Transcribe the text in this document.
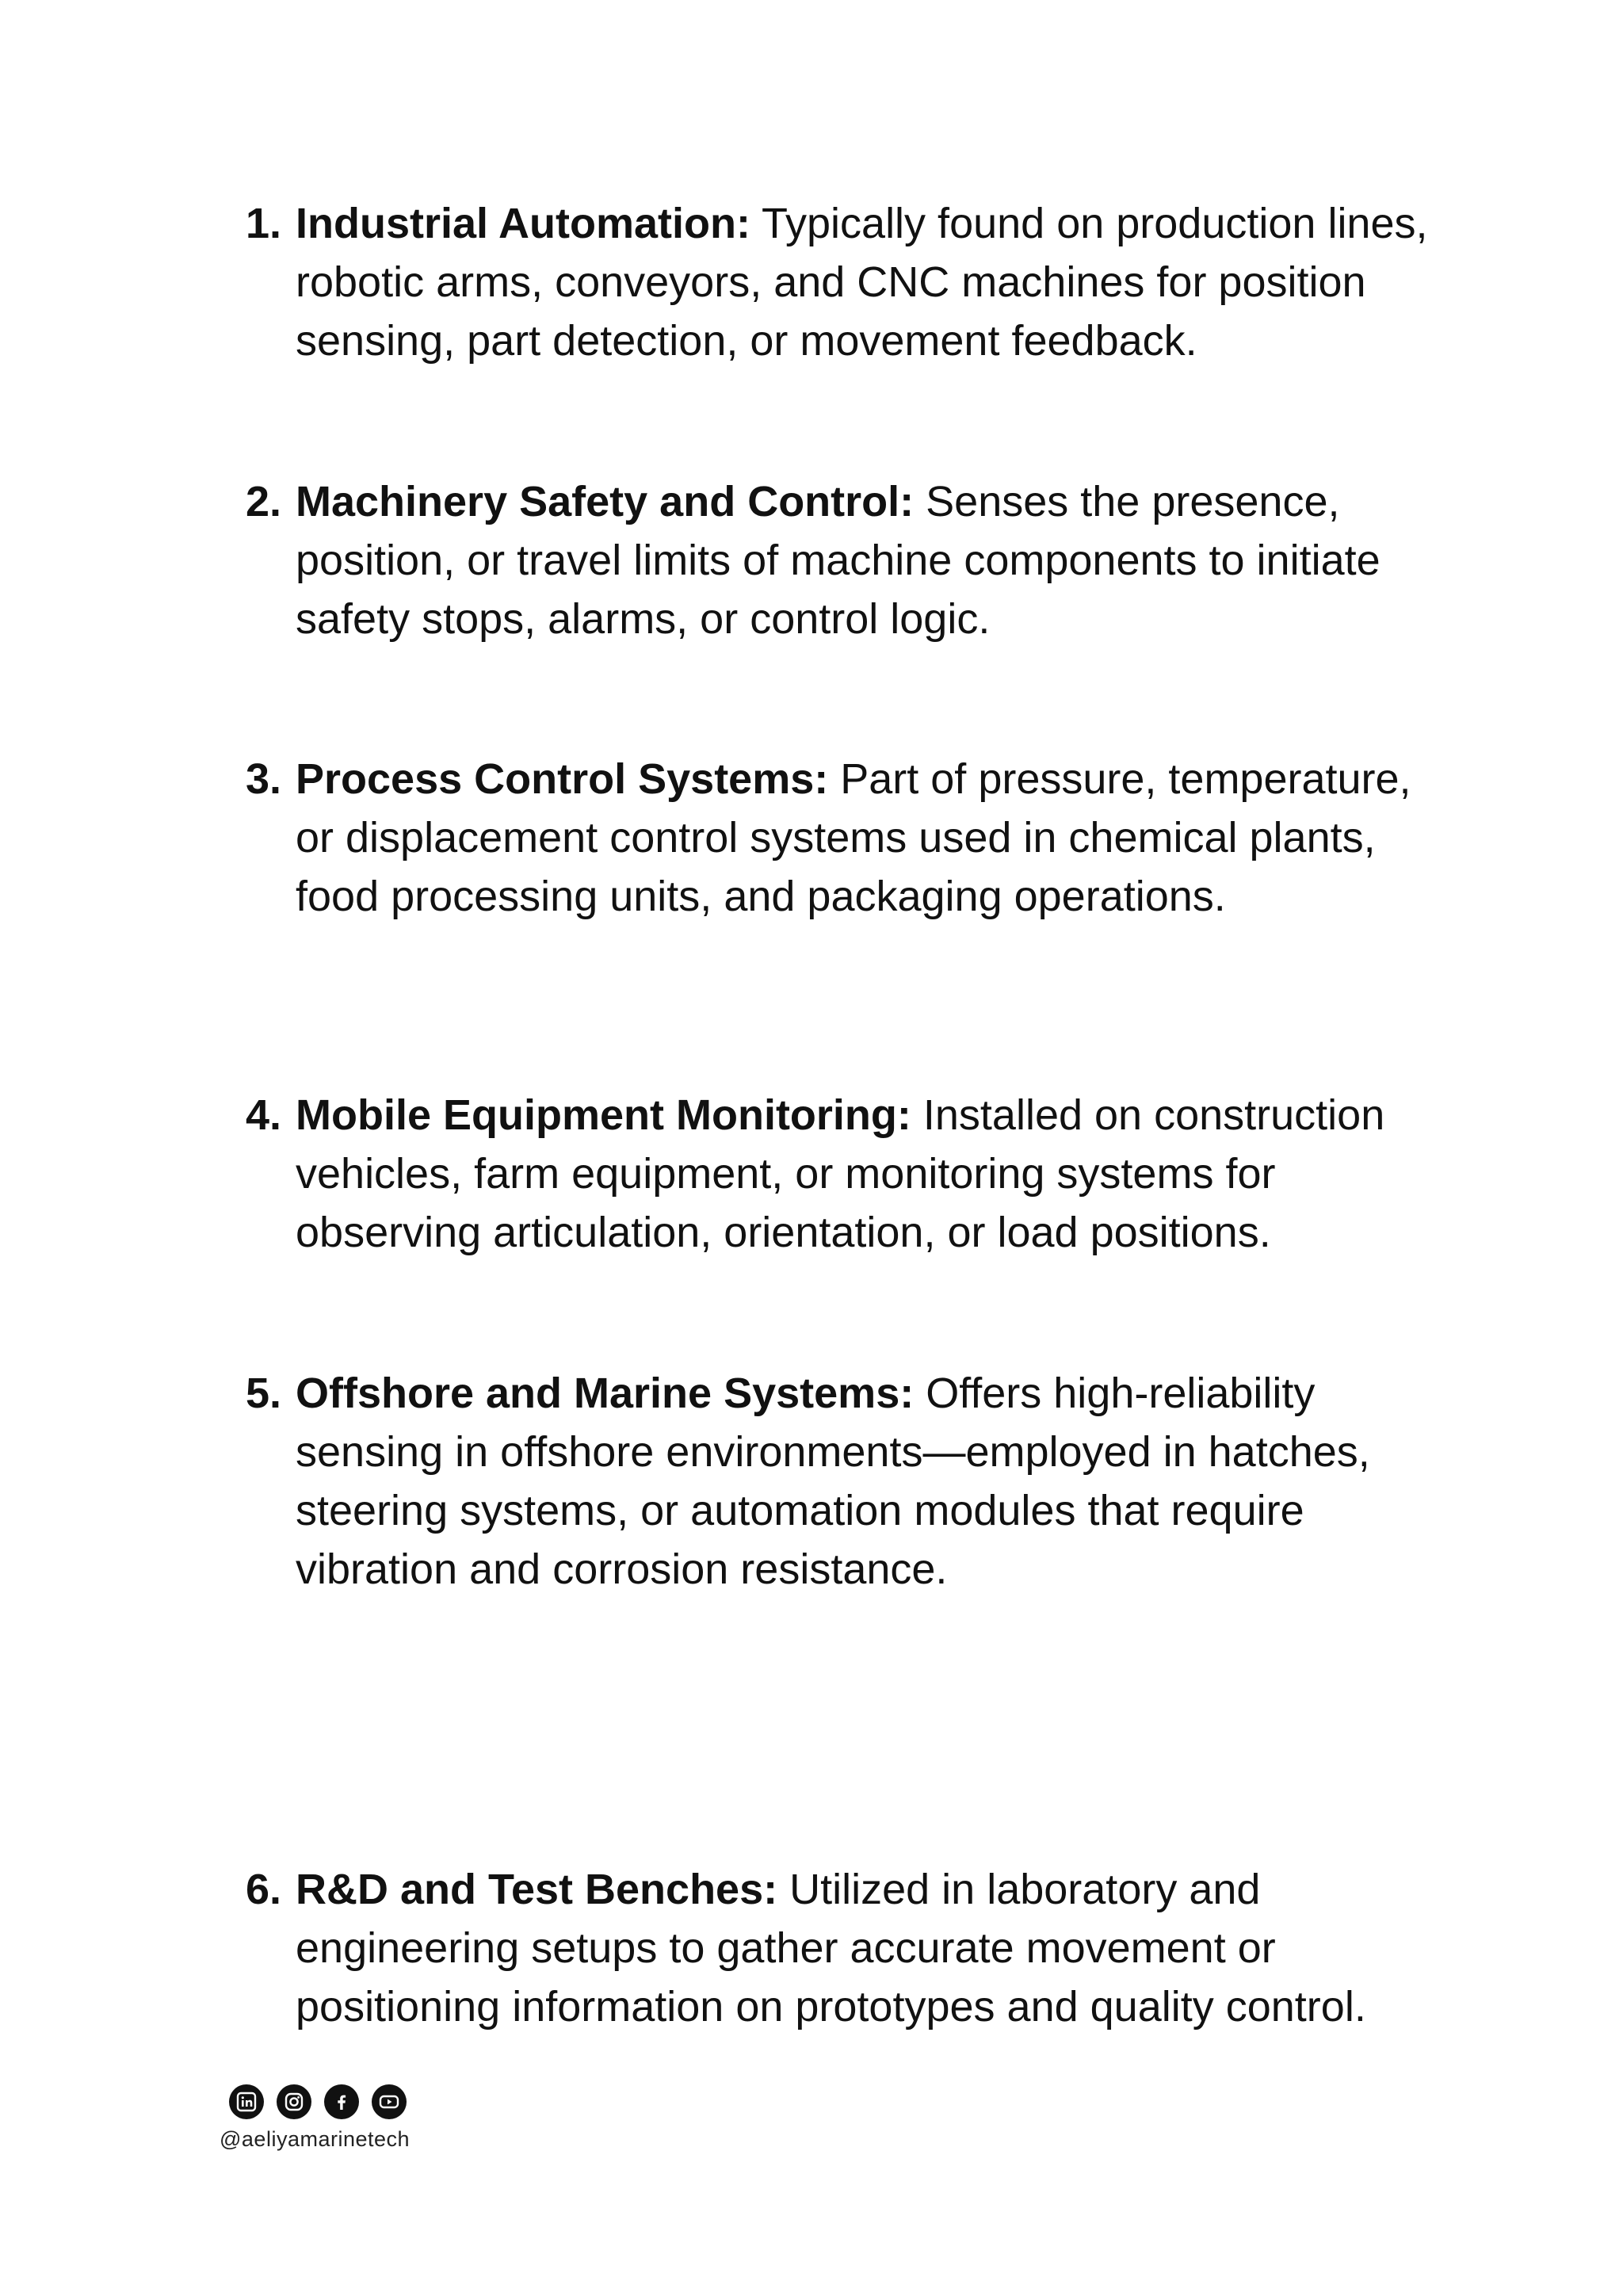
1. Industrial Automation: Typically found on production lines, robotic arms, conveyors, and CNC machines for position sensing, part detection, or movement feedback.
2. Machinery Safety and Control: Senses the presence, position, or travel limits of machine components to initiate safety stops, alarms, or control logic.
3. Process Control Systems: Part of pressure, temperature, or displacement control systems used in chemical plants, food processing units, and packaging operations.
4. Mobile Equipment Monitoring: Installed on construction vehicles, farm equipment, or monitoring systems for observing articulation, orientation, or load positions.
5. Offshore and Marine Systems: Offers high-reliability sensing in offshore environments—employed in hatches, steering systems, or automation modules that require vibration and corrosion resistance.
6. R&D and Test Benches: Utilized in laboratory and engineering setups to gather accurate movement or positioning information on prototypes and quality control.
@aeliyamarinetech
